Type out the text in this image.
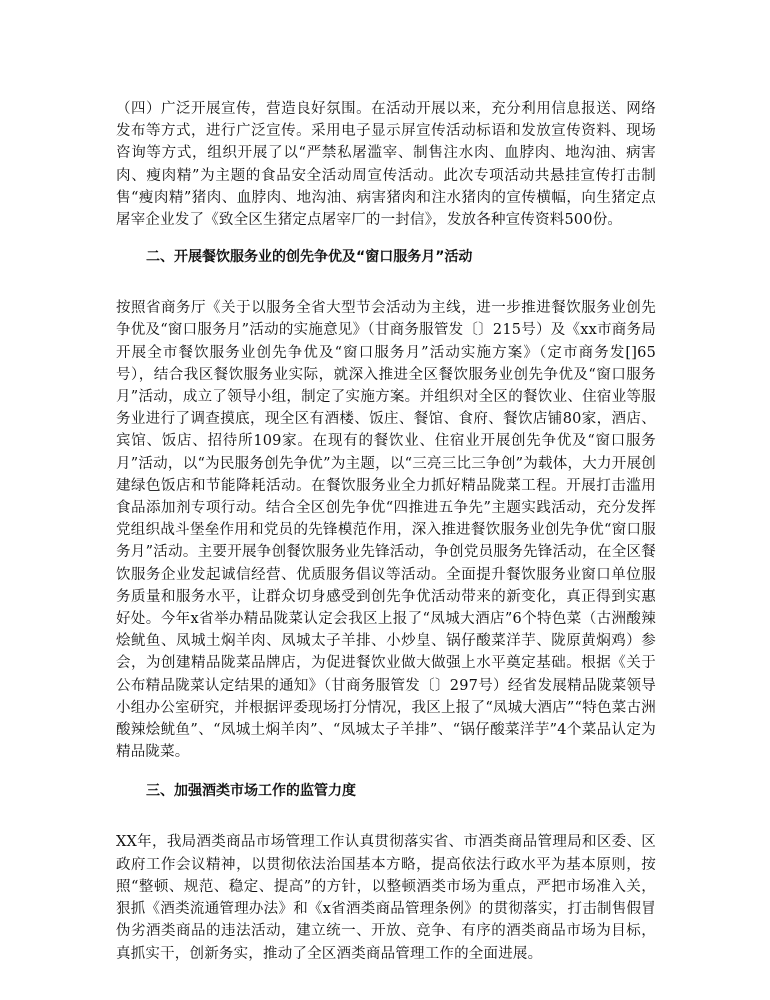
（四）广泛开展宣传，营造良好氛围。在活动开展以来，充分利用信息报送、网络发布等方式，进行广泛宣传。采用电子显示屏宣传活动标语和发放宣传资料、现场咨询等方式，组织开展了以“严禁私屠滥宰、制售注水肉、血脖肉、地沟油、病害肉、瘦肉精”为主题的食品安全活动周宣传活动。此次专项活动共悬挂宣传打击制售“瘦肉精”猪肉、血脖肉、地沟油、病害猪肉和注水猪肉的宣传横幅，向生猪定点屠宰企业发了《致全区生猪定点屠宰厂的一封信》，发放各种宣传资料500份。

二、开展餐饮服务业的创先争优及“窗口服务月”活动

按照省商务厅《关于以服务全省大型节会活动为主线，进一步推进餐饮服务业创先争优及“窗口服务月”活动的实施意见》（甘商务服管发〔〕215号）及《xx市商务局开展全市餐饮服务业创先争优及“窗口服务月”活动实施方案》（定市商务发[]65号），结合我区餐饮服务业实际，就深入推进全区餐饮服务业创先争优及“窗口服务月”活动，成立了领导小组，制定了实施方案。并组织对全区的餐饮业、住宿业等服务业进行了调查摸底，现全区有酒楼、饭庄、餐馆、食府、餐饮店铺80家，酒店、宾馆、饭店、招待所109家。在现有的餐饮业、住宿业开展创先争优及“窗口服务月”活动，以“为民服务创先争优”为主题，以“三亮三比三争创”为载体，大力开展创建绿色饭店和节能降耗活动。在餐饮服务业全力抓好精品陇菜工程。开展打击滥用食品添加剂专项行动。结合全区创先争优“四推进五争先”主题实践活动，充分发挥党组织战斗堡垒作用和党员的先锋模范作用，深入推进餐饮服务业创先争优“窗口服务月”活动。主要开展争创餐饮服务业先锋活动，争创党员服务先锋活动，在全区餐饮服务企业发起诚信经营、优质服务倡议等活动。全面提升餐饮服务业窗口单位服务质量和服务水平，让群众切身感受到创先争优活动带来的新变化，真正得到实惠好处。今年x省举办精品陇菜认定会我区上报了“凤城大酒店”6个特色菜（古洲酸辣烩鱿鱼、凤城土焖羊肉、凤城太子羊排、小炒皇、锅仔酸菜洋芋、陇原黄焖鸡）参会，为创建精品陇菜品牌店，为促进餐饮业做大做强上水平奠定基础。根据《关于公布精品陇菜认定结果的通知》（甘商务服管发〔〕297号）经省发展精品陇菜领导小组办公室研究，并根据评委现场打分情况，我区上报了“凤城大酒店”“特色菜古洲酸辣烩鱿鱼”、“凤城土焖羊肉”、“凤城太子羊排”、“锅仔酸菜洋芋”4个菜品认定为精品陇菜。

三、加强酒类市场工作的监管力度

XX年，我局酒类商品市场管理工作认真贯彻落实省、市酒类商品管理局和区委、区政府工作会议精神，以贯彻依法治国基本方略，提高依法行政水平为基本原则，按照“整顿、规范、稳定、提高”的方针，以整顿酒类市场为重点，严把市场准入关，狠抓《酒类流通管理办法》和《x省酒类商品管理条例》的贯彻落实，打击制售假冒伪劣酒类商品的违法活动，建立统一、开放、竞争、有序的酒类商品市场为目标，真抓实干，创新务实，推动了全区酒类商品管理工作的全面进展。
